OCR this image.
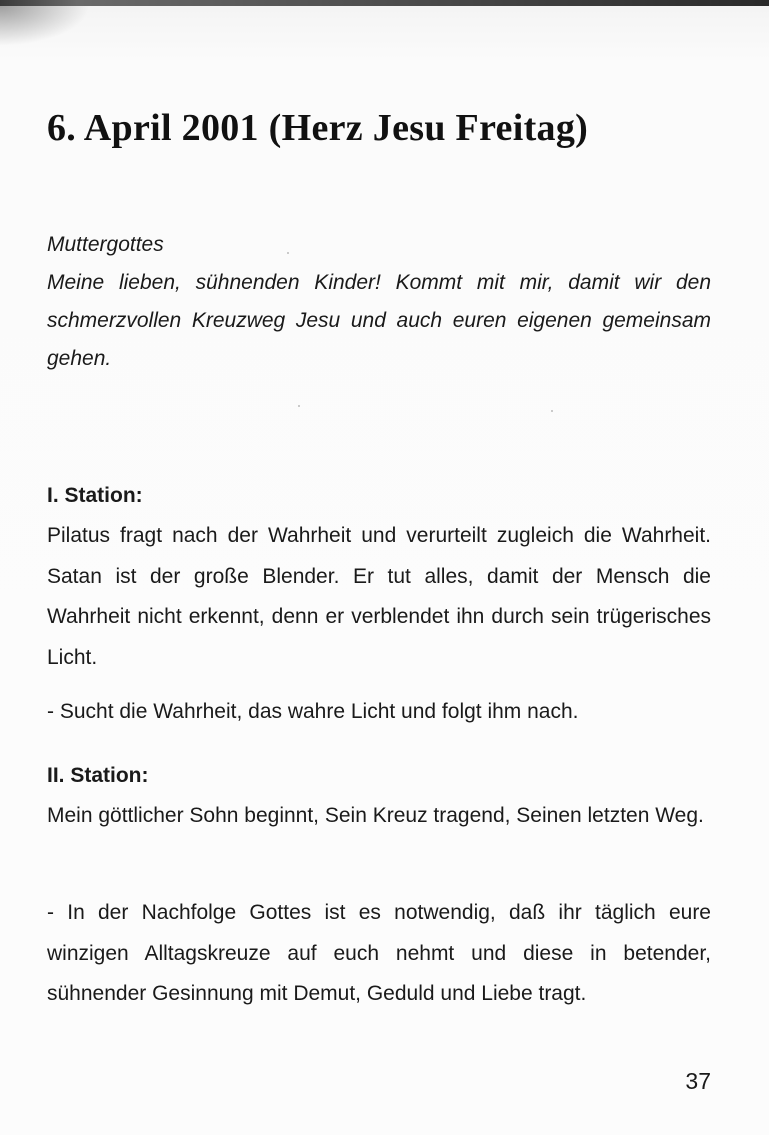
6. April 2001 (Herz Jesu Freitag)

Muttergottes

Meine lieben, sühnenden Kinder! Kommt mit mir, damit wir den schmerzvollen Kreuzweg Jesu und auch euren eigenen gemeinsam gehen.

I. Station:

Pilatus fragt nach der Wahrheit und verurteilt zugleich die Wahrheit. Satan ist der große Blender. Er tut alles, damit der Mensch die Wahrheit nicht erkennt, denn er verblendet ihn durch sein trügerisches Licht.

- Sucht die Wahrheit, das wahre Licht und folgt ihm nach.

II. Station:

Mein göttlicher Sohn beginnt, Sein Kreuz tragend, Seinen letzten Weg.

- In der Nachfolge Gottes ist es notwendig, daß ihr täglich eure winzigen Alltagskreuze auf euch nehmt und diese in betender, sühnender Gesinnung mit Demut, Geduld und Liebe tragt.

37
